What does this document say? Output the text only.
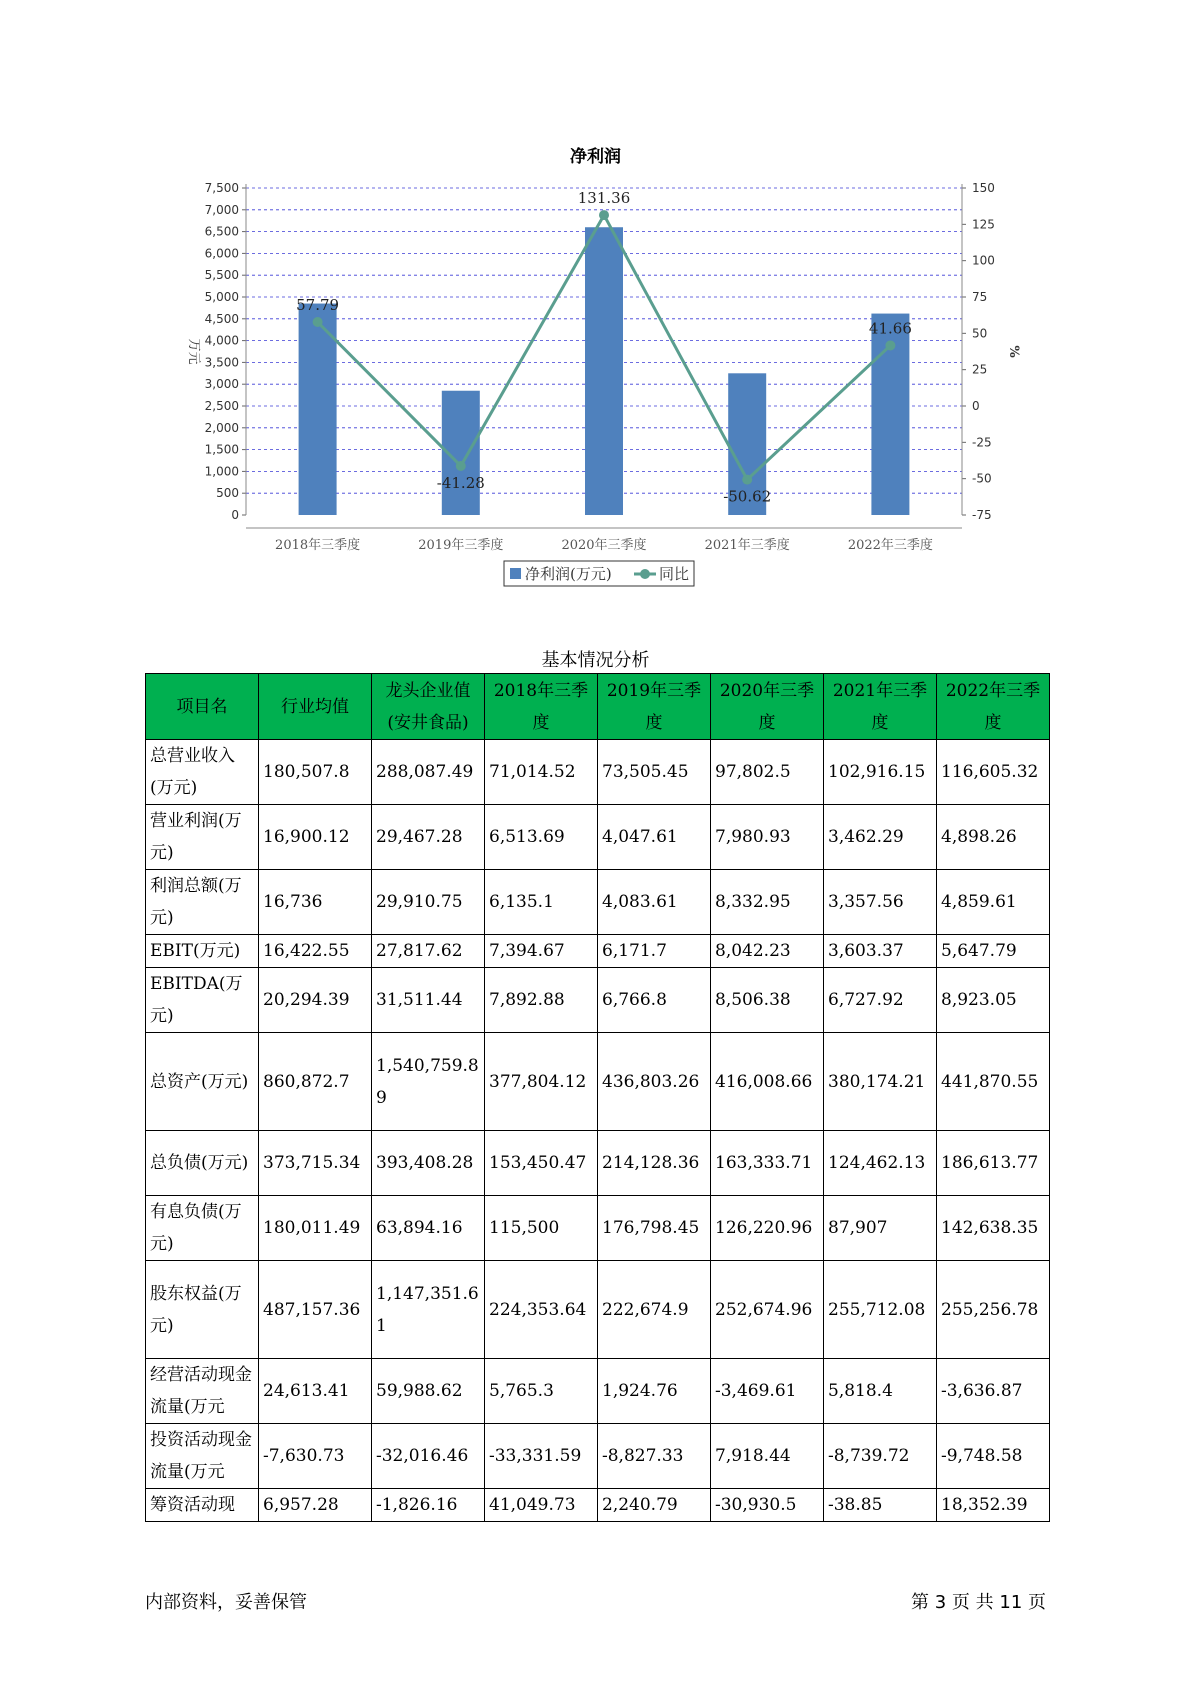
净利润
0
500
1,000
1,500
2,000
2,500
3,000
3,500
4,000
4,500
5,000
5,500
6,000
6,500
7,000
7,500
-75
-50
-25
0
25
50
75
100
125
150
万元	%
2018年三季度	2019年三季度	2020年三季度	2021年三季度	2022年三季度
57.79
-41.28
131.36
-50.62
41.66
净利润(万元)	同比
基本情况分析
项目名	行业均值	龙头企业值(安井食品)	2018年三季度	2019年三季度	2020年三季度	2021年三季度	2022年三季度
总营业收入(万元)	180,507.8	288,087.49	71,014.52	73,505.45	97,802.5	102,916.15	116,605.32
营业利润(万元)	16,900.12	29,467.28	6,513.69	4,047.61	7,980.93	3,462.29	4,898.26
利润总额(万元)	16,736	29,910.75	6,135.1	4,083.61	8,332.95	3,357.56	4,859.61
EBIT(万元)	16,422.55	27,817.62	7,394.67	6,171.7	8,042.23	3,603.37	5,647.79
EBITDA(万元)	20,294.39	31,511.44	7,892.88	6,766.8	8,506.38	6,727.92	8,923.05
总资产(万元)	860,872.7	1,540,759.89	377,804.12	436,803.26	416,008.66	380,174.21	441,870.55
总负债(万元)	373,715.34	393,408.28	153,450.47	214,128.36	163,333.71	124,462.13	186,613.77
有息负债(万元)	180,011.49	63,894.16	115,500	176,798.45	126,220.96	87,907	142,638.35
股东权益(万元)	487,157.36	1,147,351.61	224,353.64	222,674.9	252,674.96	255,712.08	255,256.78
经营活动现金流量(万元	24,613.41	59,988.62	5,765.3	1,924.76	-3,469.61	5,818.4	-3,636.87
投资活动现金流量(万元	-7,630.73	-32,016.46	-33,331.59	-8,827.33	7,918.44	-8,739.72	-9,748.58
筹资活动现	6,957.28	-1,826.16	41,049.73	2,240.79	-30,930.5	-38.85	18,352.39
内部资料，妥善保管	第 3 页 共 11 页
